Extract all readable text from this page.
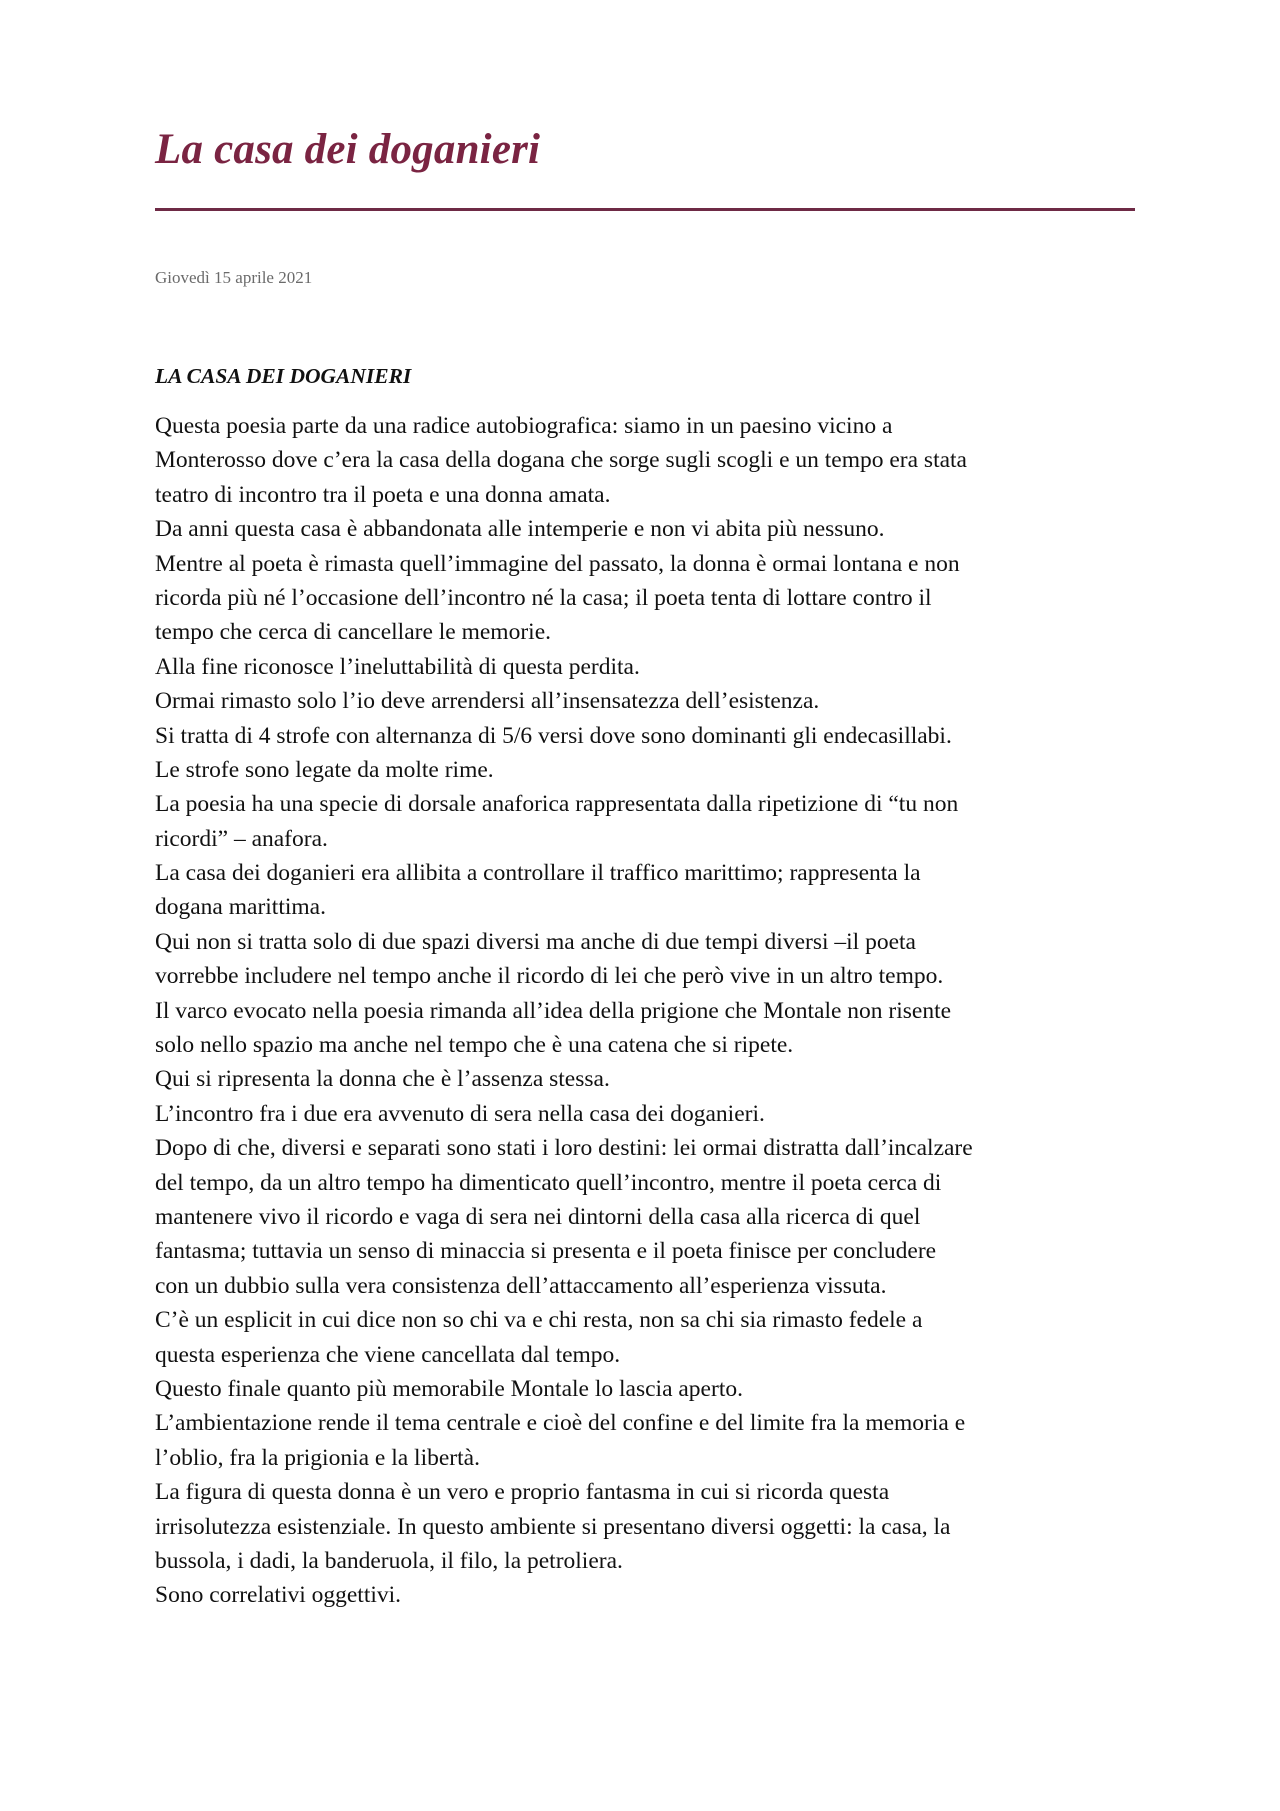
La casa dei doganieri
Giovedì 15 aprile 2021
LA CASA DEI DOGANIERI
Questa poesia parte da una radice autobiografica: siamo in un paesino vicino a
Monterosso dove c’era la casa della dogana che sorge sugli scogli e un tempo era stata
teatro di incontro tra il poeta e una donna amata.
Da anni questa casa è abbandonata alle intemperie e non vi abita più nessuno.
Mentre al poeta è rimasta quell’immagine del passato, la donna è ormai lontana e non
ricorda più né l’occasione dell’incontro né la casa; il poeta tenta di lottare contro il
tempo che cerca di cancellare le memorie.
Alla fine riconosce l’ineluttabilità di questa perdita.
Ormai rimasto solo l’io deve arrendersi all’insensatezza dell’esistenza.
Si tratta di 4 strofe con alternanza di 5/6 versi dove sono dominanti gli endecasillabi.
Le strofe sono legate da molte rime.
La poesia ha una specie di dorsale anaforica rappresentata dalla ripetizione di “tu non
ricordi” – anafora.
La casa dei doganieri era allibita a controllare il traffico marittimo; rappresenta la
dogana marittima.
Qui non si tratta solo di due spazi diversi ma anche di due tempi diversi –il poeta
vorrebbe includere nel tempo anche il ricordo di lei che però vive in un altro tempo.
Il varco evocato nella poesia rimanda all’idea della prigione che Montale non risente
solo nello spazio ma anche nel tempo che è una catena che si ripete.
Qui si ripresenta la donna che è l’assenza stessa.
L’incontro fra i due era avvenuto di sera nella casa dei doganieri.
Dopo di che, diversi e separati sono stati i loro destini: lei ormai distratta dall’incalzare
del tempo, da un altro tempo ha dimenticato quell’incontro, mentre il poeta cerca di
mantenere vivo il ricordo e vaga di sera nei dintorni della casa alla ricerca di quel
fantasma; tuttavia un senso di minaccia si presenta e il poeta finisce per concludere
con un dubbio sulla vera consistenza dell’attaccamento all’esperienza vissuta.
C’è un esplicit in cui dice non so chi va e chi resta, non sa chi sia rimasto fedele a
questa esperienza che viene cancellata dal tempo.
Questo finale quanto più memorabile Montale lo lascia aperto.
L’ambientazione rende il tema centrale e cioè del confine e del limite fra la memoria e
l’oblio, fra la prigionia e la libertà.
La figura di questa donna è un vero e proprio fantasma in cui si ricorda questa
irrisolutezza esistenziale. In questo ambiente si presentano diversi oggetti: la casa, la
bussola, i dadi, la banderuola, il filo, la petroliera.
Sono correlativi oggettivi.
